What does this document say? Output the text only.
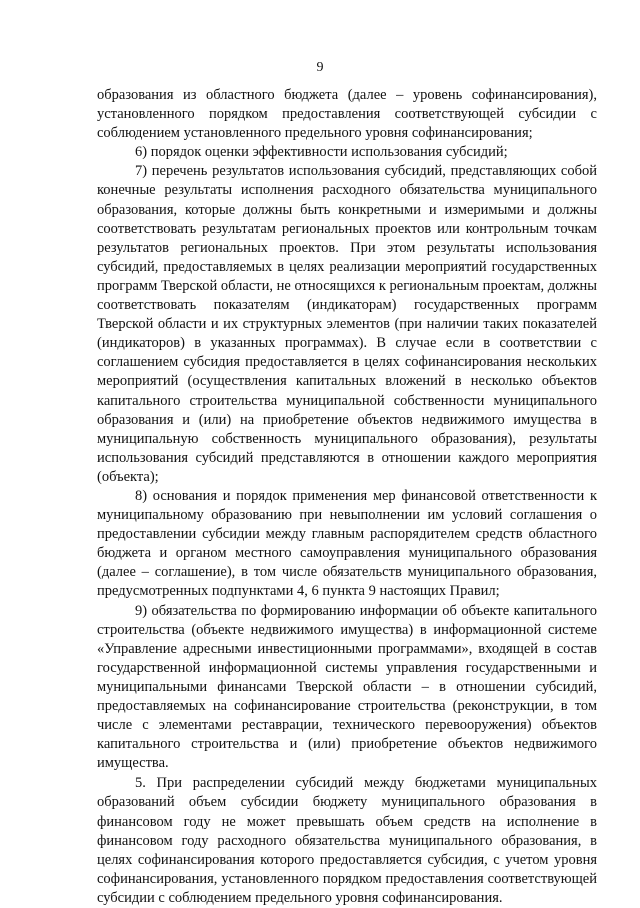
9

образования из областного бюджета (далее – уровень софинансирования), установленного порядком предоставления соответствующей субсидии с соблюдением установленного предельного уровня софинансирования;

6) порядок оценки эффективности использования субсидий;

7) перечень результатов использования субсидий, представляющих собой конечные результаты исполнения расходного обязательства муниципального образования, которые должны быть конкретными и измеримыми и должны соответствовать результатам региональных проектов или контрольным точкам результатов региональных проектов. При этом результаты использования субсидий, предоставляемых в целях реализации мероприятий государственных программ Тверской области, не относящихся к региональным проектам, должны соответствовать показателям (индикаторам) государственных программ Тверской области и их структурных элементов (при наличии таких показателей (индикаторов) в указанных программах). В случае если в соответствии с соглашением субсидия предоставляется в целях софинансирования нескольких мероприятий (осуществления капитальных вложений в несколько объектов капитального строительства муниципальной собственности муниципального образования и (или) на приобретение объектов недвижимого имущества в муниципальную собственность муниципального образования), результаты использования субсидий представляются в отношении каждого мероприятия (объекта);

8) основания и порядок применения мер финансовой ответственности к муниципальному образованию при невыполнении им условий соглашения о предоставлении субсидии между главным распорядителем средств областного бюджета и органом местного самоуправления муниципального образования (далее – соглашение), в том числе обязательств муниципального образования, предусмотренных подпунктами 4, 6 пункта 9 настоящих Правил;

9) обязательства по формированию информации об объекте капитального строительства (объекте недвижимого имущества) в информационной системе «Управление адресными инвестиционными программами», входящей в состав государственной информационной системы управления государственными и муниципальными финансами Тверской области – в отношении субсидий, предоставляемых на софинансирование строительства (реконструкции, в том числе с элементами реставрации, технического перевооружения) объектов капитального строительства и (или) приобретение объектов недвижимого имущества.

5. При распределении субсидий между бюджетами муниципальных образований объем субсидии бюджету муниципального образования в финансовом году не может превышать объем средств на исполнение в финансовом году расходного обязательства муниципального образования, в целях софинансирования которого предоставляется субсидия, с учетом уровня софинансирования, установленного порядком предоставления соответствующей субсидии с соблюдением предельного уровня софинансирования.
